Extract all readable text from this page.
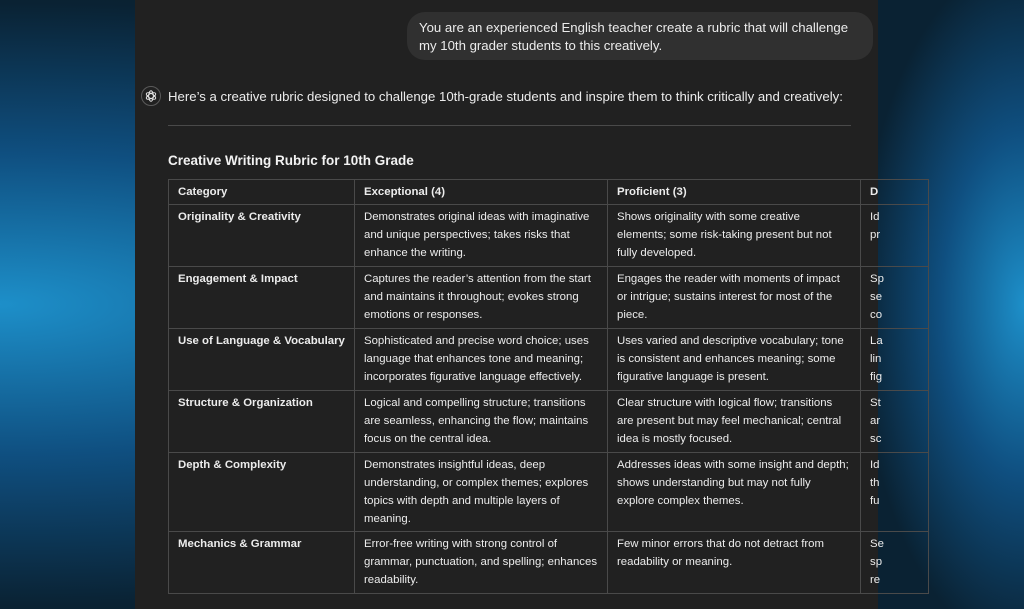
You are an experienced English teacher create a rubric that will challenge my 10th grader students to this creatively.
Here’s a creative rubric designed to challenge 10th-grade students and inspire them to think critically and creatively:
Creative Writing Rubric for 10th Grade
Category	Exceptional (4)	Proficient (3)	D
Originality & Creativity	Demonstrates original ideas with imaginative and unique perspectives; takes risks that enhance the writing.	Shows originality with some creative elements; some risk-taking present but not fully developed.	Id
pr
Engagement & Impact	Captures the reader’s attention from the start and maintains it throughout; evokes strong emotions or responses.	Engages the reader with moments of impact or intrigue; sustains interest for most of the piece.	Sp
se
co
Use of Language & Vocabulary	Sophisticated and precise word choice; uses language that enhances tone and meaning; incorporates figurative language effectively.	Uses varied and descriptive vocabulary; tone is consistent and enhances meaning; some figurative language is present.	La
lin
fig
Structure & Organization	Logical and compelling structure; transitions are seamless, enhancing the flow; maintains focus on the central idea.	Clear structure with logical flow; transitions are present but may feel mechanical; central idea is mostly focused.	St
ar
sc
Depth & Complexity	Demonstrates insightful ideas, deep understanding, or complex themes; explores topics with depth and multiple layers of meaning.	Addresses ideas with some insight and depth; shows understanding but may not fully explore complex themes.	Id
th
fu
Mechanics & Grammar	Error-free writing with strong control of grammar, punctuation, and spelling; enhances readability.	Few minor errors that do not detract from readability or meaning.	Se
sp
re
